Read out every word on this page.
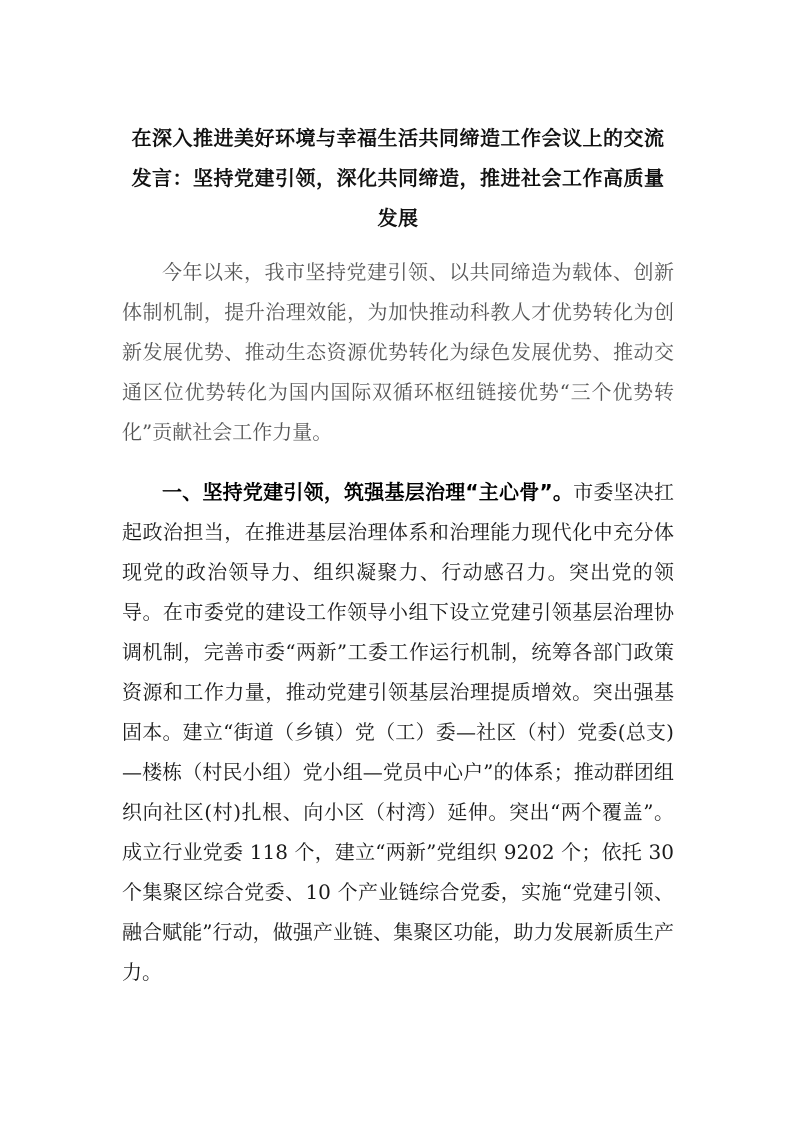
在深入推进美好环境与幸福生活共同缔造工作会议上的交流发言：坚持党建引领，深化共同缔造，推进社会工作高质量发展

今年以来，我市坚持党建引领、以共同缔造为载体、创新体制机制，提升治理效能，为加快推动科教人才优势转化为创新发展优势、推动生态资源优势转化为绿色发展优势、推动交通区位优势转化为国内国际双循环枢纽链接优势“三个优势转化”贡献社会工作力量。

一、坚持党建引领，筑强基层治理“主心骨”。市委坚决扛起政治担当，在推进基层治理体系和治理能力现代化中充分体现党的政治领导力、组织凝聚力、行动感召力。突出党的领导。在市委党的建设工作领导小组下设立党建引领基层治理协调机制，完善市委“两新”工委工作运行机制，统筹各部门政策资源和工作力量，推动党建引领基层治理提质增效。突出强基固本。建立“街道（乡镇）党（工）委—社区（村）党委(总支)—楼栋（村民小组）党小组—党员中心户”的体系；推动群团组织向社区(村)扎根、向小区（村湾）延伸。突出“两个覆盖”。成立行业党委 118 个，建立“两新”党组织 9202 个；依托 30 个集聚区综合党委、10 个产业链综合党委，实施“党建引领、融合赋能”行动，做强产业链、集聚区功能，助力发展新质生产力。
